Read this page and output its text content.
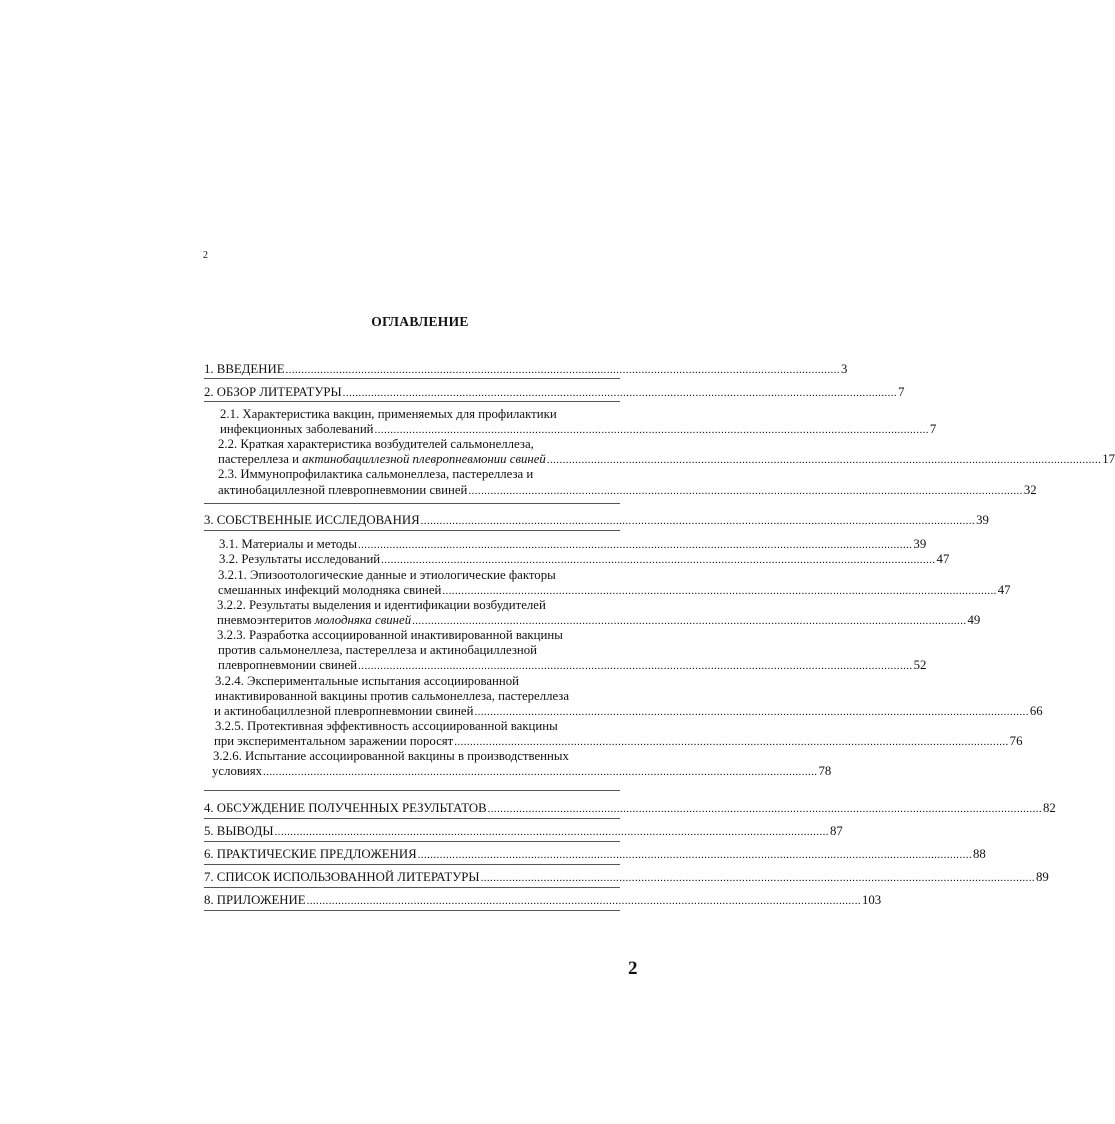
2
ОГЛАВЛЕНИЕ
1. ВВЕДЕНИЕ ................................................................................................................................................................................ 3
2. ОБЗОР ЛИТЕРАТУРЫ ................................................................................................................................................................................ 7
2.1. Характеристика вакцин, применяемых для профилактики
инфекционных заболеваний ................................................................................................................................................................................ 7
2.2. Краткая характеристика возбудителей сальмонеллеза,
пастереллеза и актинобациллезной плевропневмонии свиней ................................................................................................................................................................................ 17
2.3. Иммунопрофилактика сальмонеллеза, пастереллеза и
актинобациллезной плевропневмонии свиней ................................................................................................................................................................................ 32
3. СОБСТВЕННЫЕ ИССЛЕДОВАНИЯ ................................................................................................................................................................................ 39
3.1. Материалы и методы ................................................................................................................................................................................ 39
3.2. Результаты исследований ................................................................................................................................................................................ 47
3.2.1. Эпизоотологические данные и этиологические факторы
смешанных инфекций молодняка свиней ................................................................................................................................................................................ 47
3.2.2. Результаты выделения и идентификации возбудителей
пневмоэнтеритов молодняка свиней ................................................................................................................................................................................ 49
3.2.3. Разработка ассоциированной инактивированной вакцины
против сальмонеллеза, пастереллеза и актинобациллезной
плевропневмонии свиней ................................................................................................................................................................................ 52
3.2.4. Экспериментальные испытания ассоциированной
инактивированной вакцины против сальмонеллеза, пастереллеза
и актинобациллезной плевропневмонии свиней ................................................................................................................................................................................ 66
3.2.5. Протективная эффективность ассоциированной вакцины
при экспериментальном заражении поросят ................................................................................................................................................................................ 76
3.2.6. Испытание ассоциированной вакцины в производственных
условиях ................................................................................................................................................................................ 78
4. ОБСУЖДЕНИЕ ПОЛУЧЕННЫХ РЕЗУЛЬТАТОВ ................................................................................................................................................................................ 82
5. ВЫВОДЫ ................................................................................................................................................................................ 87
6. ПРАКТИЧЕСКИЕ ПРЕДЛОЖЕНИЯ ................................................................................................................................................................................ 88
7. СПИСОК ИСПОЛЬЗОВАННОЙ ЛИТЕРАТУРЫ ................................................................................................................................................................................ 89
8. ПРИЛОЖЕНИЕ ................................................................................................................................................................................ 103
2
